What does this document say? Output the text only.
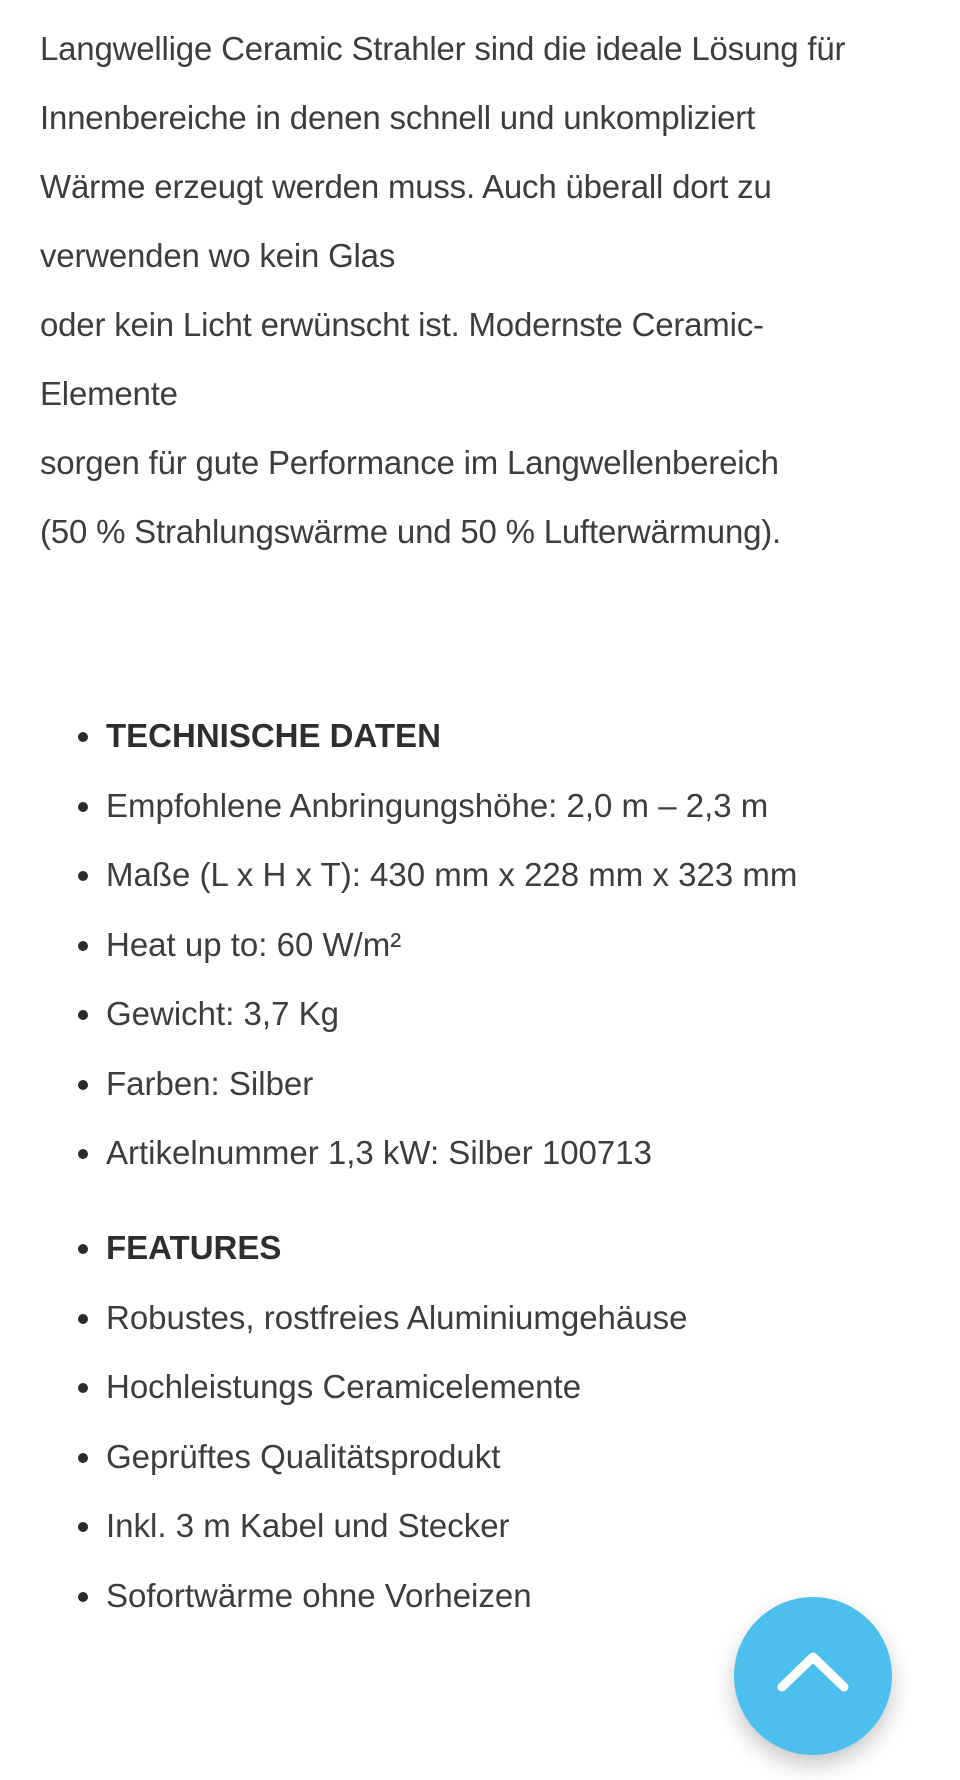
Langwellige Ceramic Strahler sind die ideale Lösung für

Innenbereiche in denen schnell und unkompliziert

Wärme erzeugt werden muss. Auch überall dort zu

verwenden wo kein Glas

oder kein Licht erwünscht ist. Modernste Ceramic-

Elemente

sorgen für gute Performance im Langwellenbereich

(50 % Strahlungswärme und 50 % Lufterwärmung).

TECHNISCHE DATEN
Empfohlene Anbringungshöhe: 2,0 m – 2,3 m
Maße (L x H x T): 430 mm x 228 mm x 323 mm
Heat up to: 60 W/m²
Gewicht: 3,7 Kg
Farben: Silber
Artikelnummer 1,3 kW: Silber 100713
FEATURES
Robustes, rostfreies Aluminiumgehäuse
Hochleistungs Ceramicelemente
Geprüftes Qualitätsprodukt
Inkl. 3 m Kabel und Stecker
Sofortwärme ohne Vorheizen
